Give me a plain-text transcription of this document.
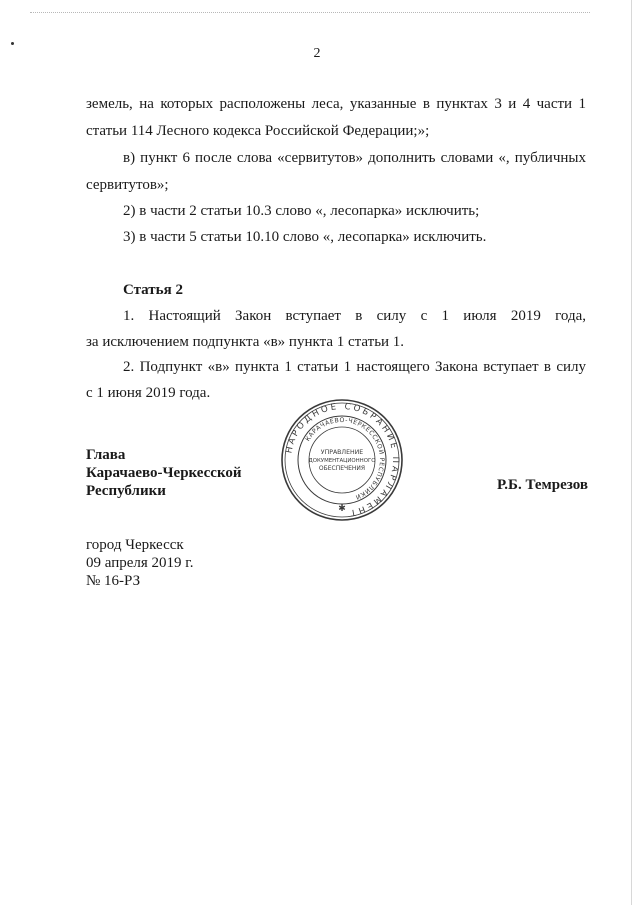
2
земель, на которых расположены леса, указанные в пунктах 3 и 4 части 1
статьи 114 Лесного кодекса Российской Федерации;»;
в) пункт 6 после слова «сервитутов» дополнить словами «, публичных
сервитутов»;
2) в части 2 статьи 10.3 слово «, лесопарка» исключить;
3) в части 5 статьи 10.10 слово «, лесопарка» исключить.
Статья 2
1. Настоящий Закон вступает в силу с 1 июля 2019 года,
за исключением подпункта «в» пункта 1 статьи 1.
2. Подпункт «в» пункта 1 статьи 1 настоящего Закона вступает в силу
с 1 июня 2019 года.
Глава
Карачаево-Черкесской
Республики	Р.Б. Темрезов
НАРОДНОЕ СОБРАНИЕ ПАРЛАМЕНТ
КАРАЧАЕВО-ЧЕРКЕССКОЙ РЕСПУБЛИКИ
УПРАВЛЕНИЕ
ДОКУМЕНТАЦИОННОГО
ОБЕСПЕЧЕНИЯ
✱
город Черкесск
09 апреля 2019 г.
№ 16-РЗ
